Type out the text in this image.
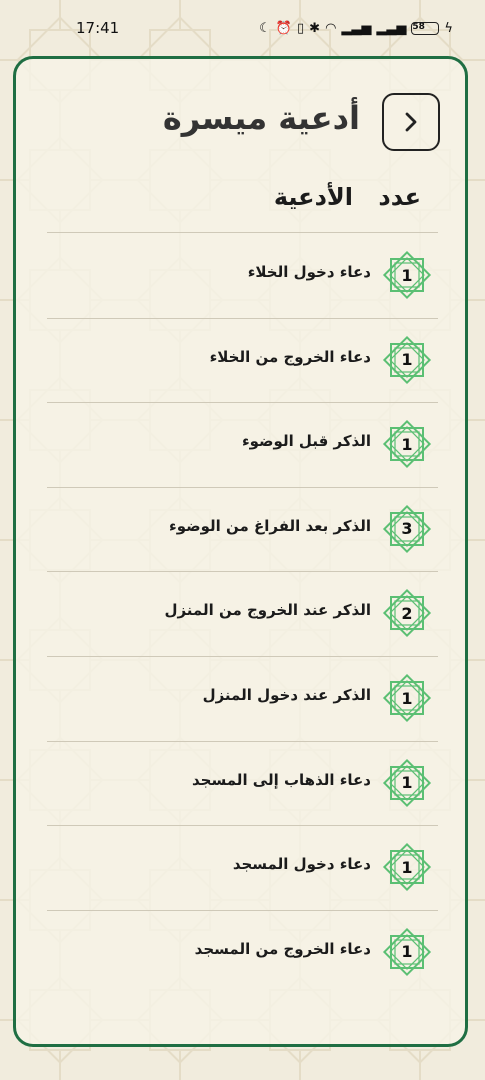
17:41	☾ ⏰ ▯ ✱ ◠ ▂▃▅ ▂▃▅ 58	ϟ
أدعية ميسرة
عدد
الأدعية
1
دعاء دخول الخلاء
1
دعاء الخروج من الخلاء
1
الذكر قبل الوضوء
3
الذكر بعد الفراغ من الوضوء
2
الذكر عند الخروج من المنزل
1
الذكر عند دخول المنزل
1
دعاء الذهاب إلى المسجد
1
دعاء دخول المسجد
1
دعاء الخروج من المسجد
